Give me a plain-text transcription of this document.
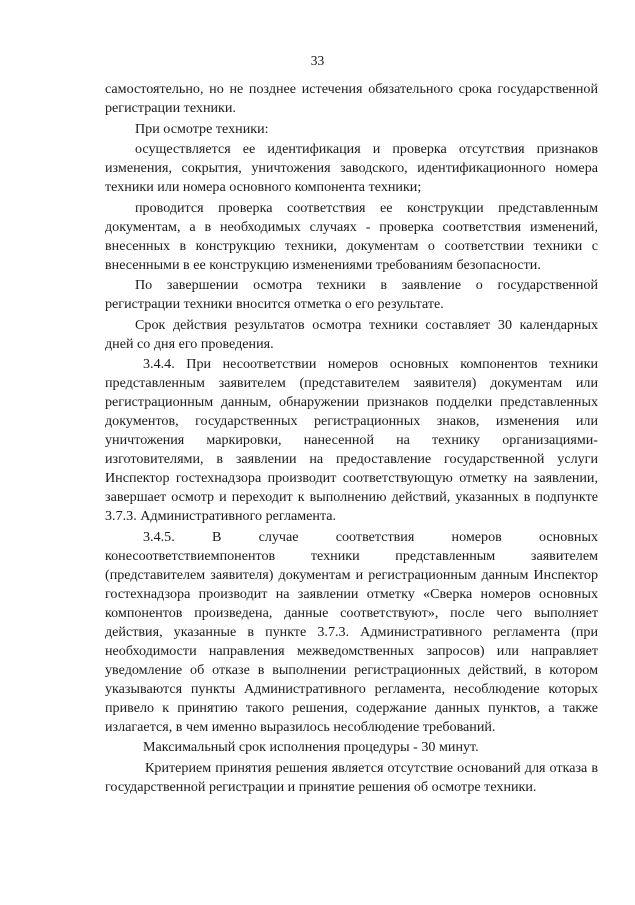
33

самостоятельно, но не позднее истечения обязательного срока государственной регистрации техники.

При осмотре техники:

осуществляется ее идентификация и проверка отсутствия признаков изменения, сокрытия, уничтожения заводского, идентификационного номера техники или номера основного компонента техники;

проводится проверка соответствия ее конструкции представленным документам, а в необходимых случаях - проверка соответствия изменений, внесенных в конструкцию техники, документам о соответствии техники с внесенными в ее конструкцию изменениями требованиям безопасности.

По завершении осмотра техники в заявление о государственной регистрации техники вносится отметка о его результате.

Срок действия результатов осмотра техники составляет 30 календарных дней со дня его проведения.

3.4.4. При несоответствии номеров основных компонентов техники представленным заявителем (представителем заявителя) документам или регистрационным данным, обнаружении признаков подделки представленных документов, государственных регистрационных знаков, изменения или уничтожения маркировки, нанесенной на технику организациями-изготовителями, в заявлении на предоставление государственной услуги Инспектор гостехнадзора производит соответствующую отметку на заявлении, завершает осмотр и переходит к выполнению действий, указанных в подпункте 3.7.3. Административного регламента.

3.4.5. В случае соответствия номеров основных конесоответствиемпонентов техники представленным заявителем (представителем заявителя) документам и регистрационным данным Инспектор гостехнадзора производит на заявлении отметку «Сверка номеров основных компонентов произведена, данные соответствуют», после чего выполняет действия, указанные в пункте 3.7.3. Административного регламента (при необходимости направления межведомственных запросов) или направляет уведомление об отказе в выполнении регистрационных действий, в котором указываются пункты Административного регламента, несоблюдение которых привело к принятию такого решения, содержание данных пунктов, а также излагается, в чем именно выразилось несоблюдение требований.

Максимальный срок исполнения процедуры - 30 минут.

Критерием принятия решения является отсутствие оснований для отказа в государственной регистрации и принятие решения об осмотре техники.
